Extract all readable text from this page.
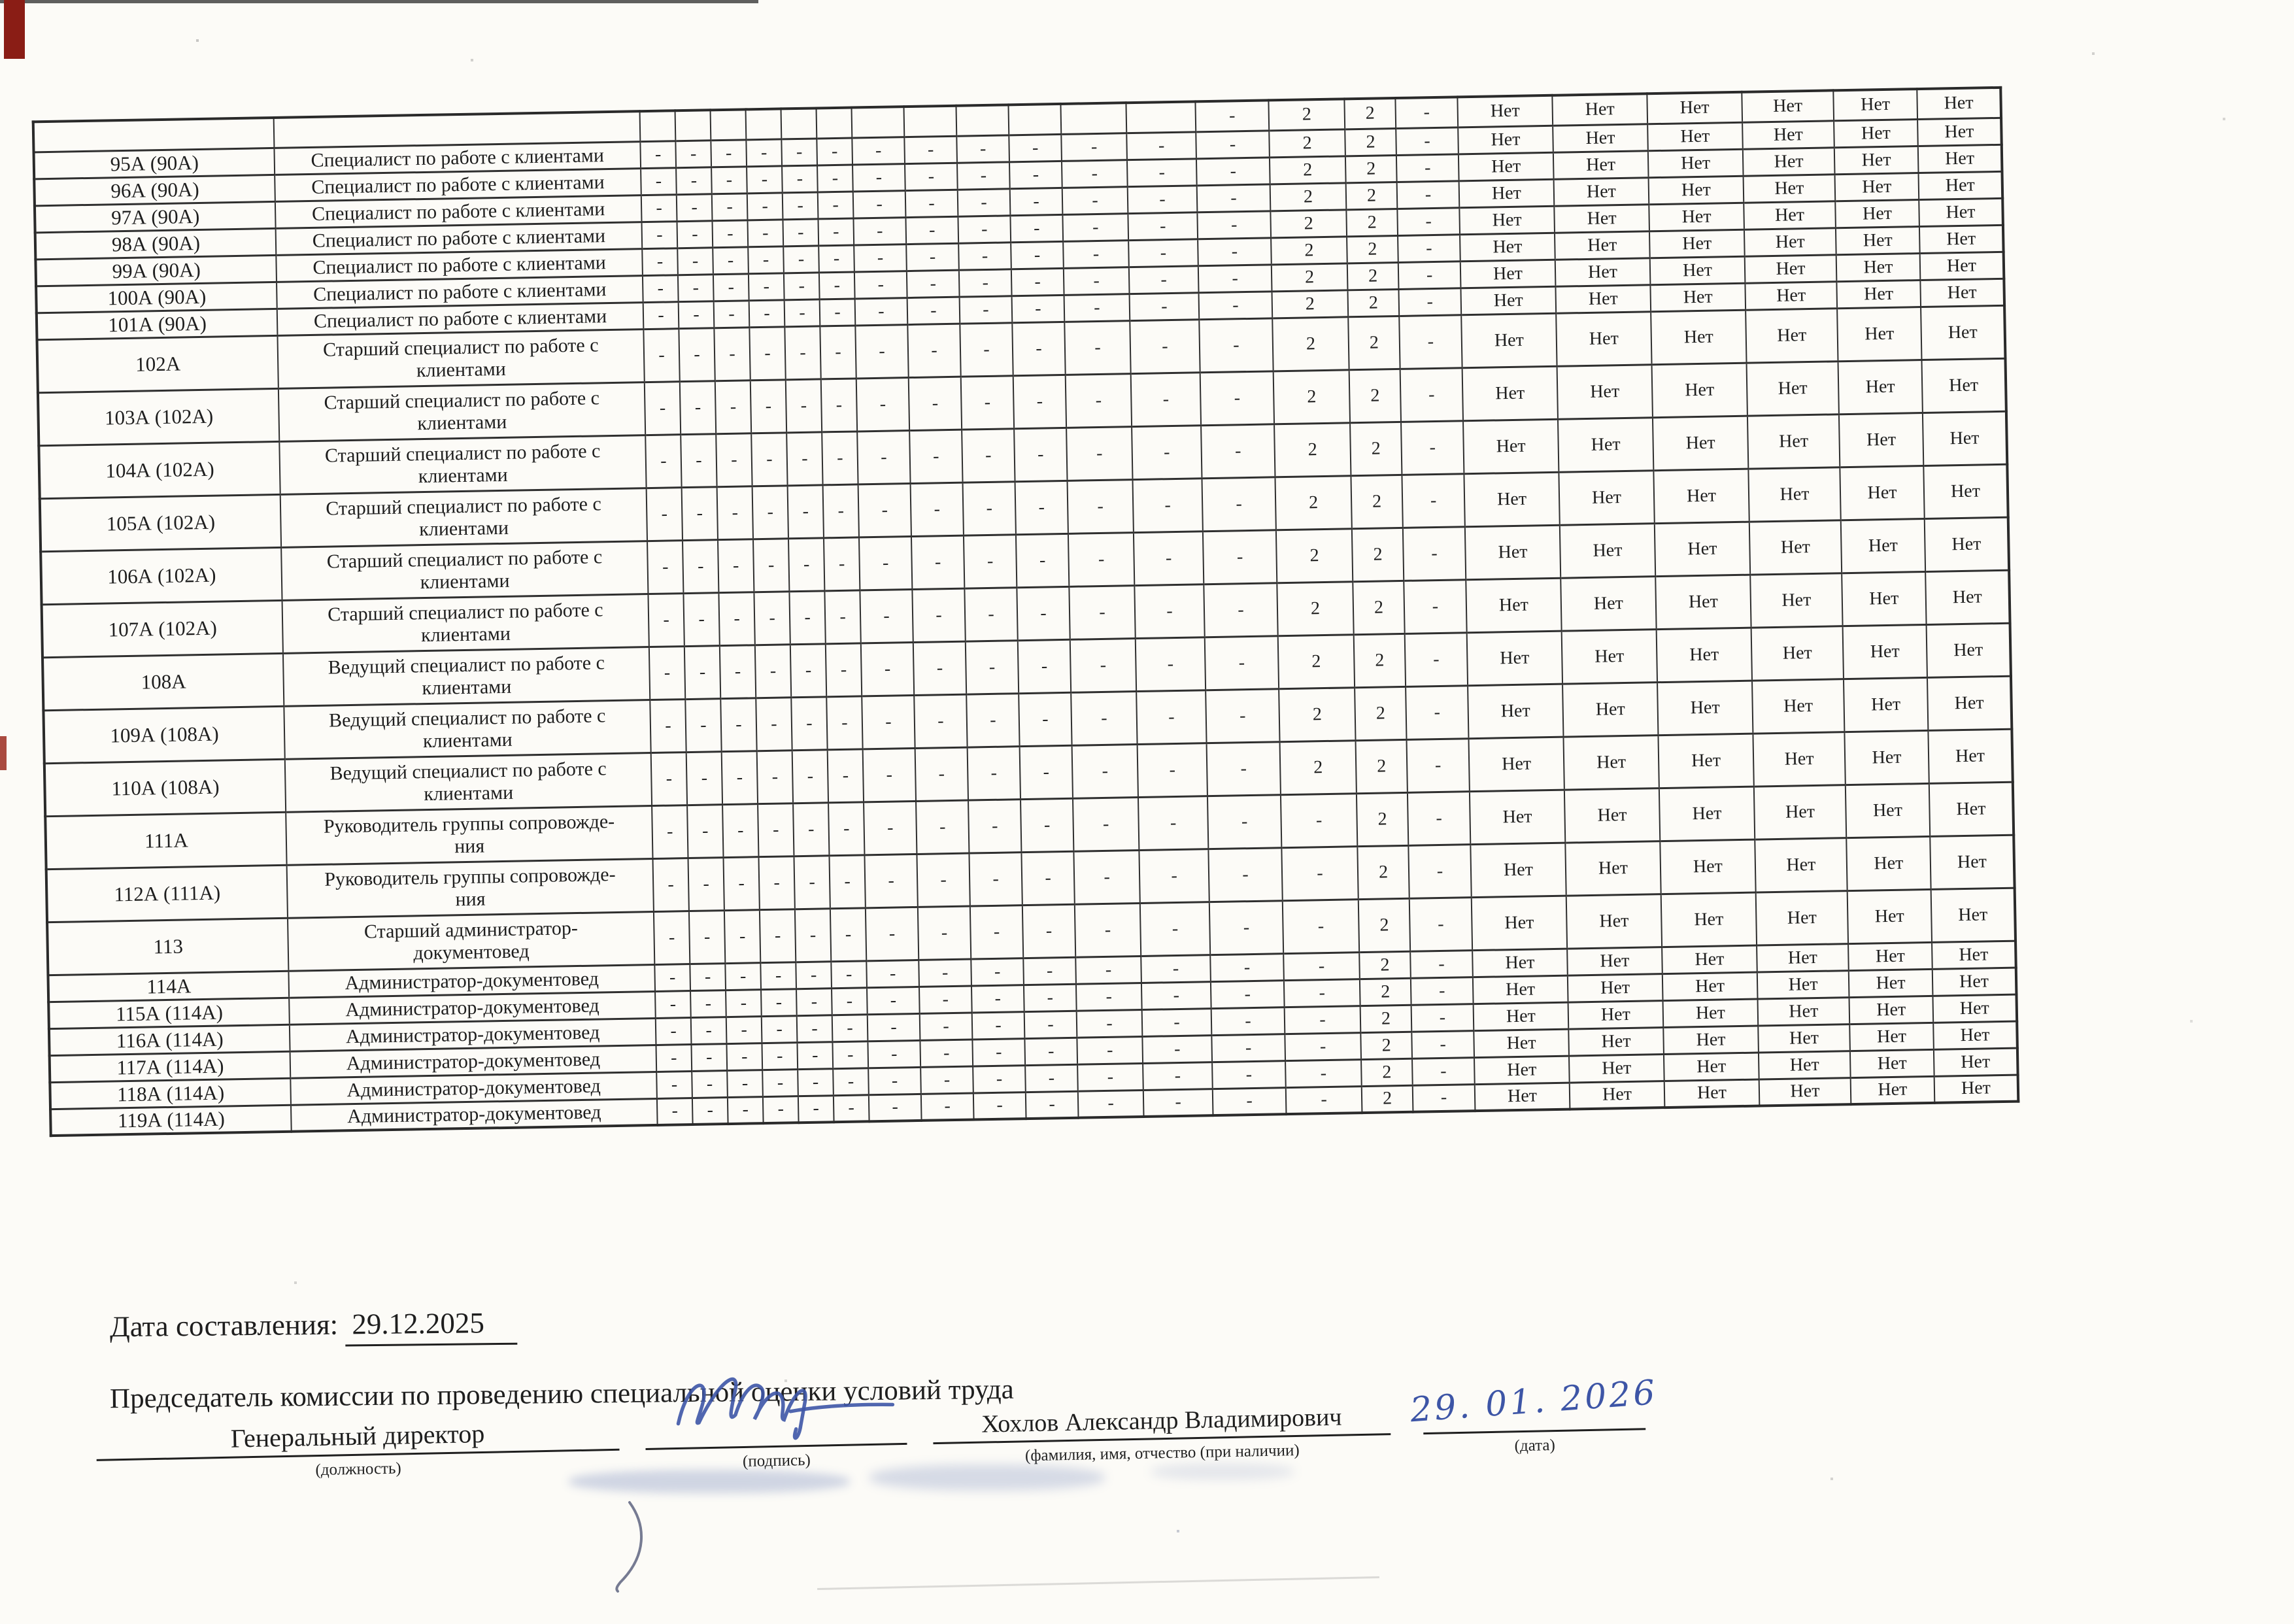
														-	2	2	-	Нет	Нет	Нет	Нет	Нет	Нет
95А (90А)	Специалист по работе с клиентами	-	-	-	-	-	-	-	-	-	-	-	-	-	2	2	-	Нет	Нет	Нет	Нет	Нет	Нет
96А (90А)	Специалист по работе с клиентами	-	-	-	-	-	-	-	-	-	-	-	-	-	2	2	-	Нет	Нет	Нет	Нет	Нет	Нет
97А (90А)	Специалист по работе с клиентами	-	-	-	-	-	-	-	-	-	-	-	-	-	2	2	-	Нет	Нет	Нет	Нет	Нет	Нет
98А (90А)	Специалист по работе с клиентами	-	-	-	-	-	-	-	-	-	-	-	-	-	2	2	-	Нет	Нет	Нет	Нет	Нет	Нет
99А (90А)	Специалист по работе с клиентами	-	-	-	-	-	-	-	-	-	-	-	-	-	2	2	-	Нет	Нет	Нет	Нет	Нет	Нет
100А (90А)	Специалист по работе с клиентами	-	-	-	-	-	-	-	-	-	-	-	-	-	2	2	-	Нет	Нет	Нет	Нет	Нет	Нет
101А (90А)	Специалист по работе с клиентами	-	-	-	-	-	-	-	-	-	-	-	-	-	2	2	-	Нет	Нет	Нет	Нет	Нет	Нет
102А	Старший специалист по работе с
клиентами	-	-	-	-	-	-	-	-	-	-	-	-	-	2	2	-	Нет	Нет	Нет	Нет	Нет	Нет
103А (102А)	Старший специалист по работе с
клиентами	-	-	-	-	-	-	-	-	-	-	-	-	-	2	2	-	Нет	Нет	Нет	Нет	Нет	Нет
104А (102А)	Старший специалист по работе с
клиентами	-	-	-	-	-	-	-	-	-	-	-	-	-	2	2	-	Нет	Нет	Нет	Нет	Нет	Нет
105А (102А)	Старший специалист по работе с
клиентами	-	-	-	-	-	-	-	-	-	-	-	-	-	2	2	-	Нет	Нет	Нет	Нет	Нет	Нет
106А (102А)	Старший специалист по работе с
клиентами	-	-	-	-	-	-	-	-	-	-	-	-	-	2	2	-	Нет	Нет	Нет	Нет	Нет	Нет
107А (102А)	Старший специалист по работе с
клиентами	-	-	-	-	-	-	-	-	-	-	-	-	-	2	2	-	Нет	Нет	Нет	Нет	Нет	Нет
108А	Ведущий специалист по работе с
клиентами	-	-	-	-	-	-	-	-	-	-	-	-	-	2	2	-	Нет	Нет	Нет	Нет	Нет	Нет
109А (108А)	Ведущий специалист по работе с
клиентами	-	-	-	-	-	-	-	-	-	-	-	-	-	2	2	-	Нет	Нет	Нет	Нет	Нет	Нет
110А (108А)	Ведущий специалист по работе с
клиентами	-	-	-	-	-	-	-	-	-	-	-	-	-	2	2	-	Нет	Нет	Нет	Нет	Нет	Нет
111А	Руководитель группы сопровожде-
ния	-	-	-	-	-	-	-	-	-	-	-	-	-	-	2	-	Нет	Нет	Нет	Нет	Нет	Нет
112А (111А)	Руководитель группы сопровожде-
ния	-	-	-	-	-	-	-	-	-	-	-	-	-	-	2	-	Нет	Нет	Нет	Нет	Нет	Нет
113	Старший администратор-
документовед	-	-	-	-	-	-	-	-	-	-	-	-	-	-	2	-	Нет	Нет	Нет	Нет	Нет	Нет
114А	Администратор-документовед	-	-	-	-	-	-	-	-	-	-	-	-	-	-	2	-	Нет	Нет	Нет	Нет	Нет	Нет
115А (114А)	Администратор-документовед	-	-	-	-	-	-	-	-	-	-	-	-	-	-	2	-	Нет	Нет	Нет	Нет	Нет	Нет
116А (114А)	Администратор-документовед	-	-	-	-	-	-	-	-	-	-	-	-	-	-	2	-	Нет	Нет	Нет	Нет	Нет	Нет
117А (114А)	Администратор-документовед	-	-	-	-	-	-	-	-	-	-	-	-	-	-	2	-	Нет	Нет	Нет	Нет	Нет	Нет
118А (114А)	Администратор-документовед	-	-	-	-	-	-	-	-	-	-	-	-	-	-	2	-	Нет	Нет	Нет	Нет	Нет	Нет
119А (114А)	Администратор-документовед	-	-	-	-	-	-	-	-	-	-	-	-	-	-	2	-	Нет	Нет	Нет	Нет	Нет	Нет
Дата составления: 29.12.2025
Председатель комиссии по проведению специальной оценки условий труда
Генеральный директор
(должность)	(подпись)
Хохлов Александр Владимирович
(фамилия, имя, отчество (при наличии)
29. 01. 2026
(дата)
